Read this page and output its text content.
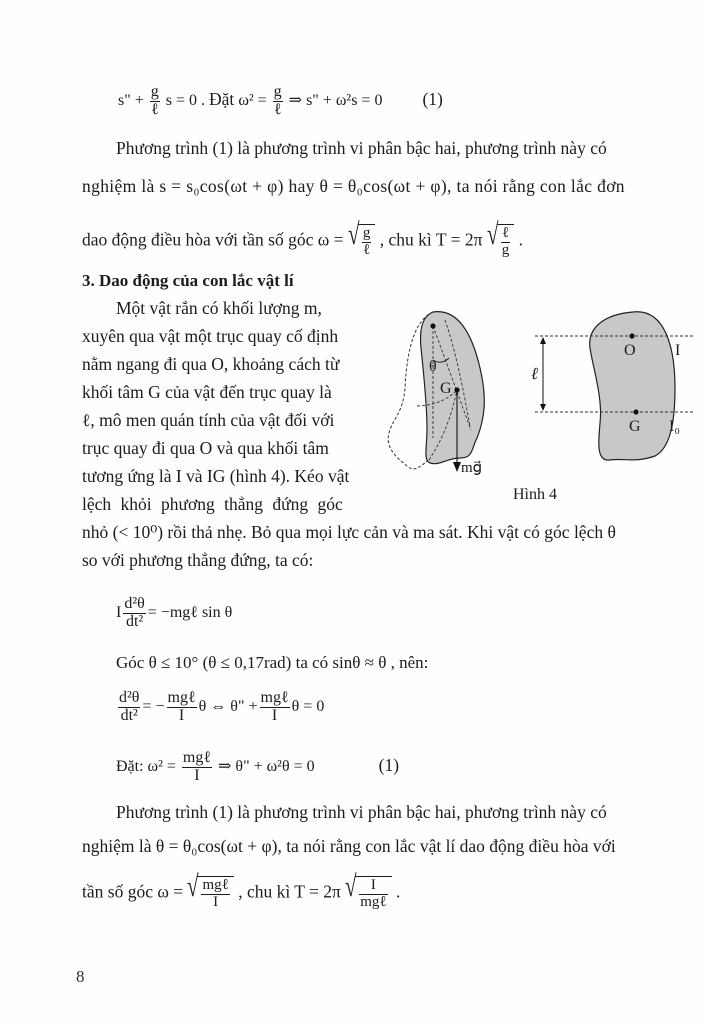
s" + $\frac{g}{\text{ℓ}}$ s = 0 . Đặt $\omega^2 = \frac{g}{\text{ℓ}}$ ⇒ s" + ω²s = 0 (1)
Phương trình (1) là phương trình vi phân bậc hai, phương trình này có
nghiệm là s = s₀cos(ωt + φ) hay θ = θ₀cos(ωt + φ), ta nói rằng con lắc đơn
dao động điều hòa với tần số góc ω = √ $\frac{g}{\text{ℓ}}$ , chu kì T = 2π √ $\frac{\text{ℓ}}{g}$ .
3. Dao động của con lắc vật lí
Một vật rắn có khối lượng m,
xuyên qua vật một trục quay cố định
nằm ngang đi qua O, khoảng cách từ
khối tâm G của vật đến trục quay là
ℓ, mô men quán tính của vật đối với
trục quay đi qua O và qua khối tâm
tương ứng là I và IG (hình 4). Kéo vật
lệch khỏi phương thẳng đứng góc
nhỏ (< 10⁰) rồi thả nhẹ. Bỏ qua mọi lực cản và ma sát. Khi vật có góc lệch θ
so với phương thẳng đứng, ta có:
θ
G
mg⃗
O I
ℓ
G I₀
Hình 4
I $\frac{\text{d²θ}}{\text{dt²}}$ = −mgℓ sin θ
Góc θ ≤ 10° (θ ≤ 0,17rad) ta có sinθ ≈ θ , nên:
$\frac{\text{d²θ}}{\text{dt²}}$ = − $\frac{\text{mgℓ}}{I}$ θ ⇔ θ" + $\frac{\text{mgℓ}}{I}$ θ = 0
Đặt: $\omega^2 = \frac{\text{mgℓ}}{I}$ ⇒ θ" + ω²θ = 0	(1)
Phương trình (1) là phương trình vi phân bậc hai, phương trình này có
nghiệm là θ = θ₀cos(ωt + φ), ta nói rằng con lắc vật lí dao động điều hòa với
tần số góc ω = √ $\frac{\text{mgℓ}}{I}$ , chu kì T = 2π √ $\frac{I}{\text{mgℓ}}$ .
8
